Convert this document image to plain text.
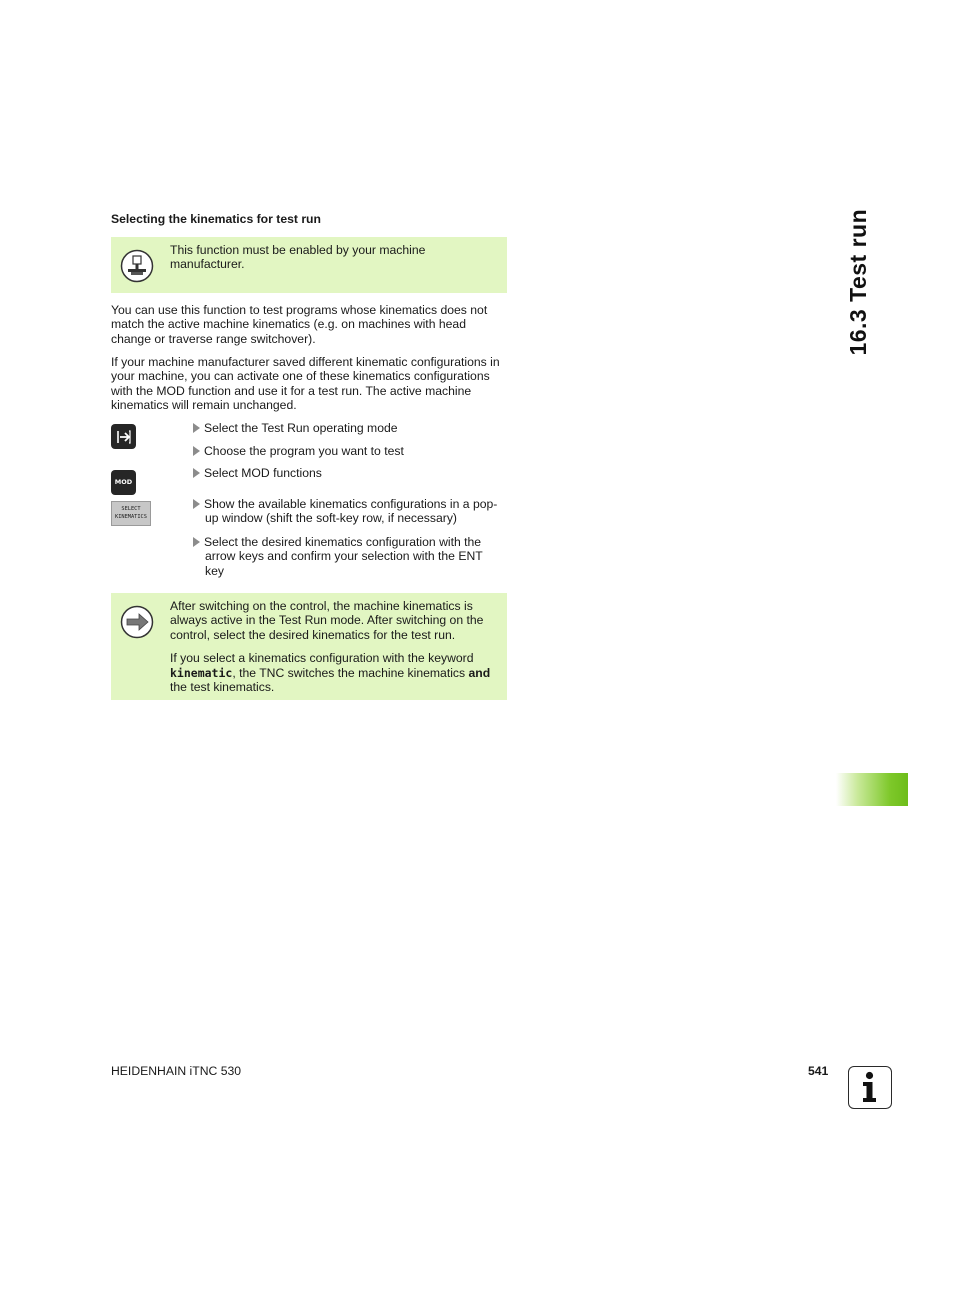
Selecting the kinematics for test run
This function must be enabled by your machine manufacturer.
You can use this function to test programs whose kinematics does not match the active machine kinematics (e.g. on machines with head change or traverse range switchover).
If your machine manufacturer saved different kinematic configurations in your machine, you can activate one of these kinematics configurations with the MOD function and use it for a test run. The active machine kinematics will remain unchanged.
MOD
SELECT
KINEMATICS
Select the Test Run operating mode
Choose the program you want to test
Select MOD functions
Show the available kinematics configurations in a pop-
up window (shift the soft-key row, if necessary)
Select the desired kinematics configuration with the
arrow keys and confirm your selection with the ENT
key

After switching on the control, the machine kinematics is always active in the Test Run mode. After switching on the control, select the desired kinematics for the test run.

If you select a kinematics configuration with the keyword kinematic, the TNC switches the machine kinematics and the test kinematics.

16.3 Test run
HEIDENHAIN iTNC 530	541
